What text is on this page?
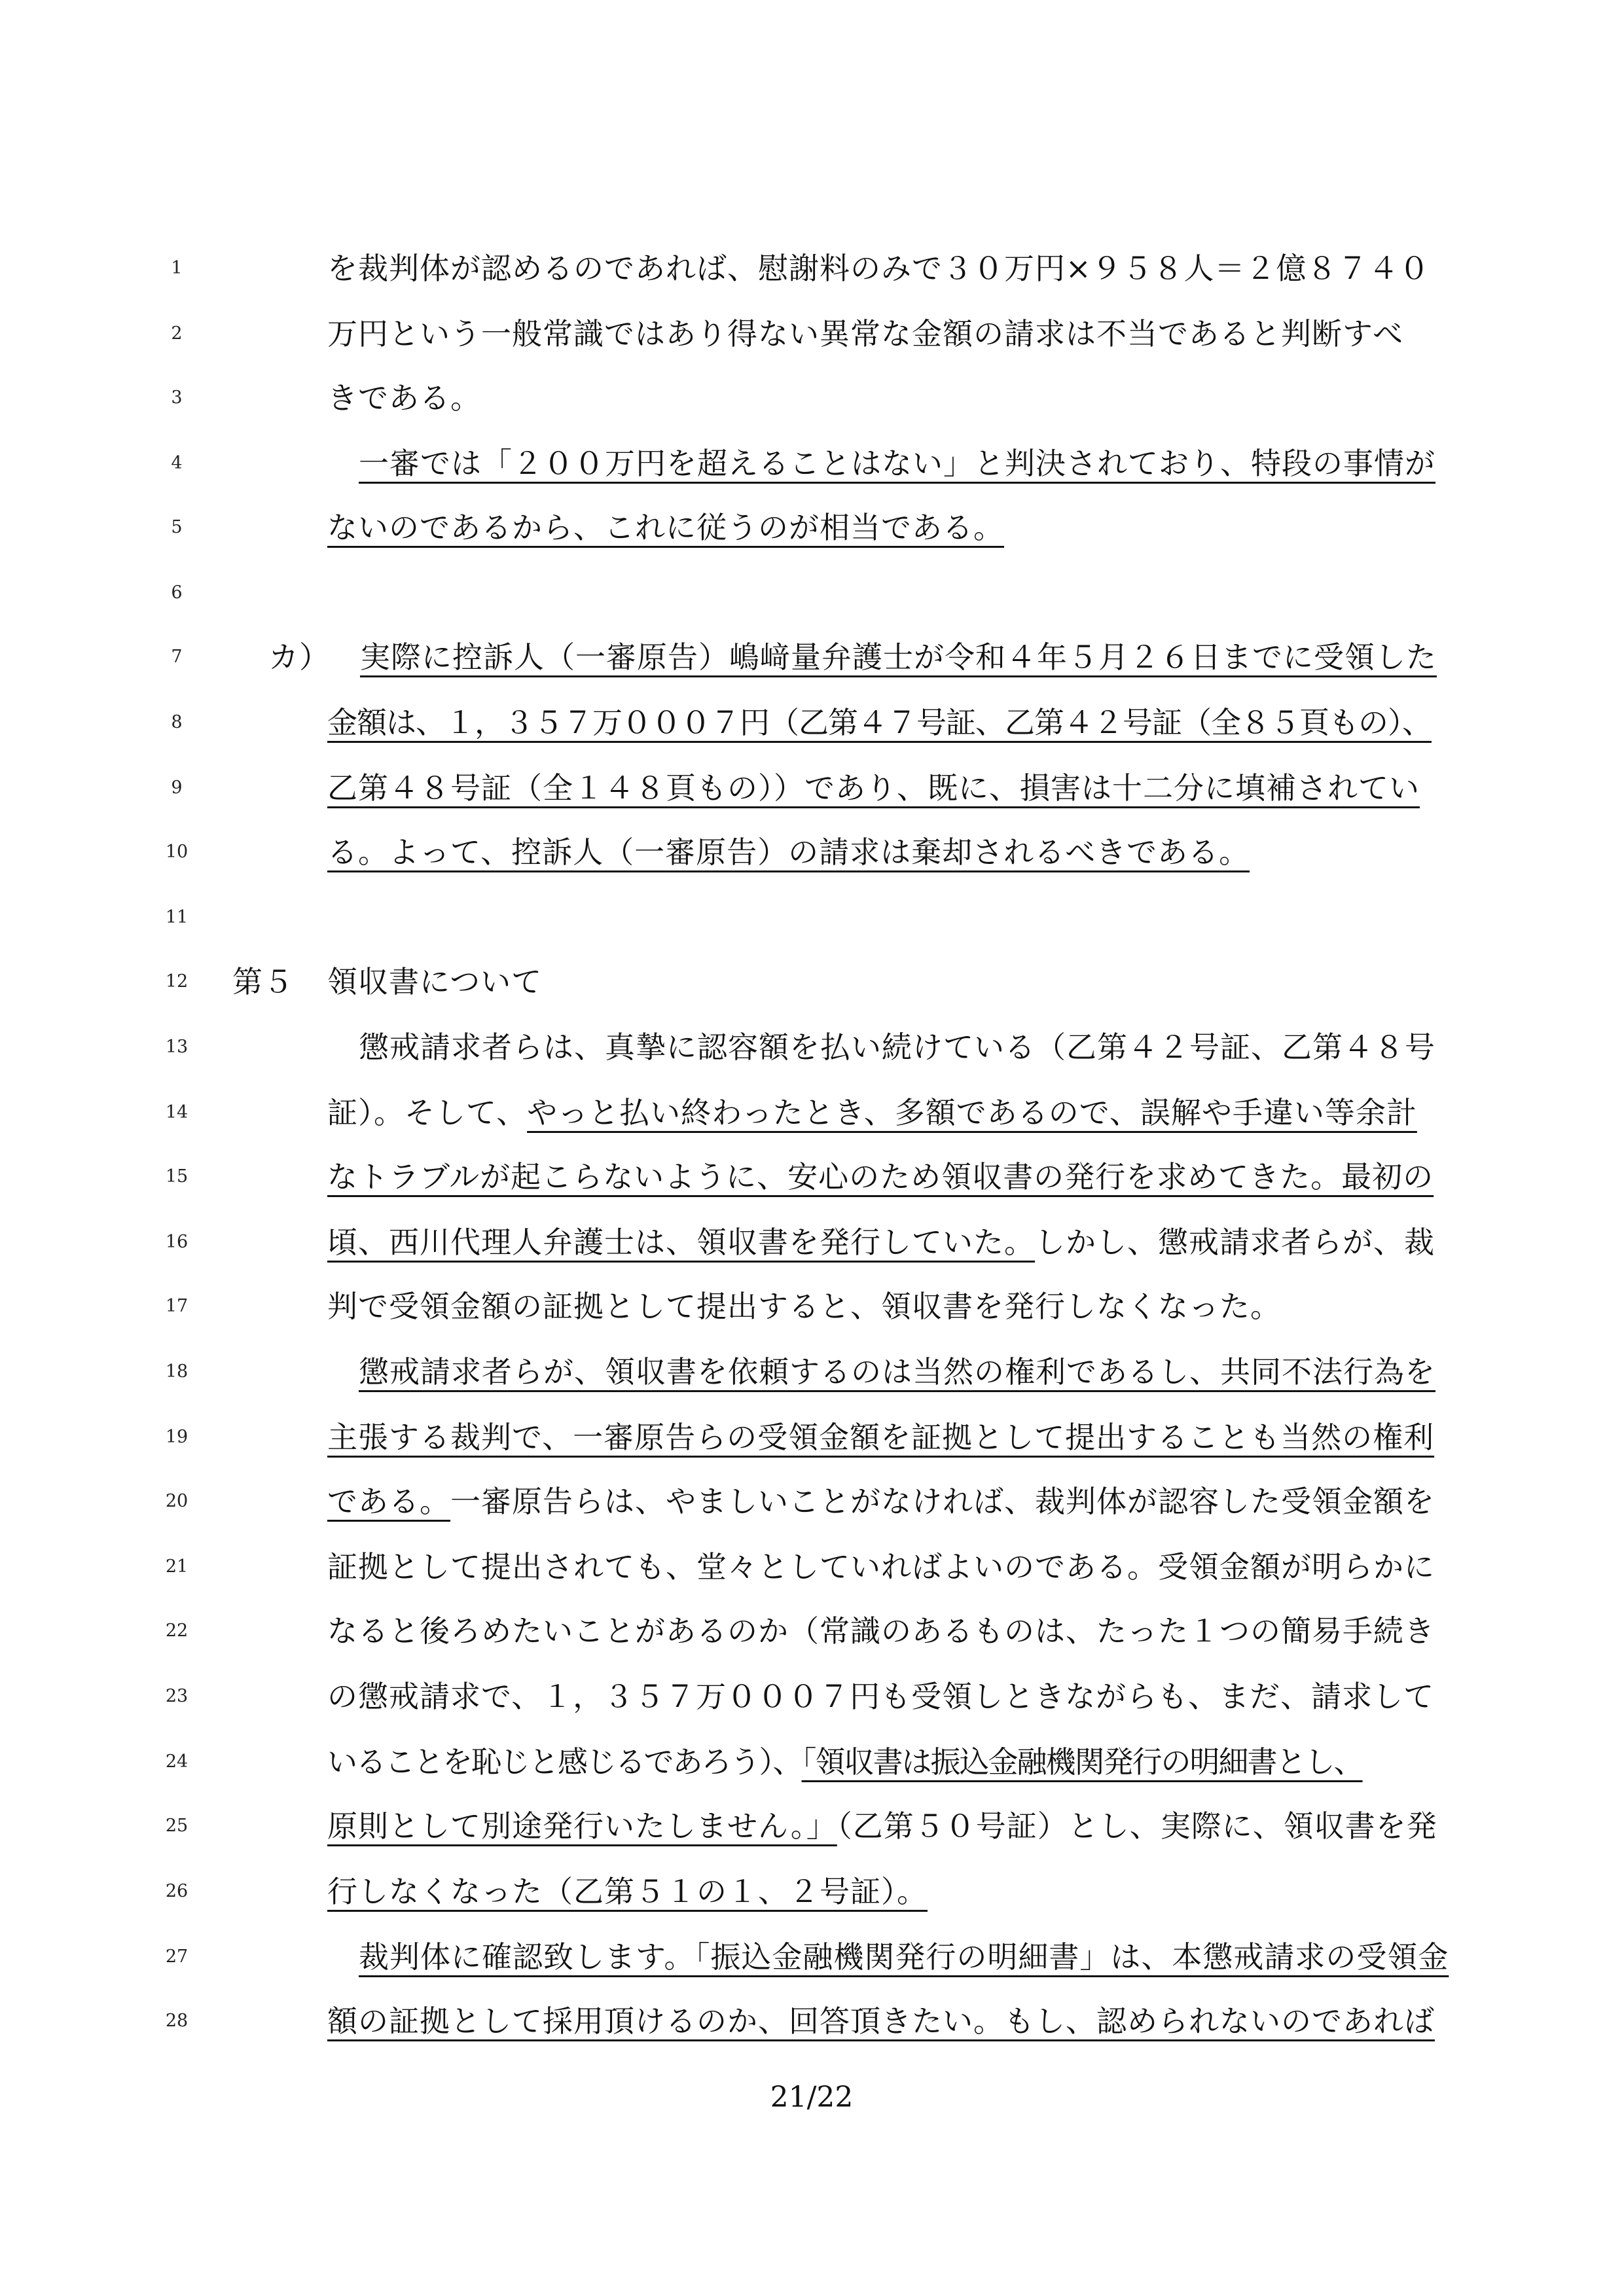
1
2
3
4
5
6
7
8
9
10
11
12
13
14
15
16
17
18
19
20
21
22
23
24
25
26
27
28
を裁判体が認めるのであれば、慰謝料のみで３０万円×９５８人＝２億８７４０
万円という一般常識ではあり得ない異常な金額の請求は不当であると判断すべ
きである。
一審では「２００万円を超えることはない」と判決されており、特段の事情が
ないのであるから、これに従うのが相当である。
カ） 実際に控訴人（一審原告）嶋﨑量弁護士が令和４年５月２６日までに受領した
金額は、１，３５７万０００７円（乙第４７号証、乙第４２号証（全８５頁もの）、
乙第４８号証（全１４８頁もの））であり、既に、損害は十二分に填補されてい
る。よって、控訴人（一審原告）の請求は棄却されるべきである。
第５ 領収書について
懲戒請求者らは、真摯に認容額を払い続けている（乙第４２号証、乙第４８号
証）。そして、やっと払い終わったとき、多額であるので、誤解や手違い等余計
なトラブルが起こらないように、安心のため領収書の発行を求めてきた。最初の
頃、西川代理人弁護士は、領収書を発行していた。しかし、懲戒請求者らが、裁
判で受領金額の証拠として提出すると、領収書を発行しなくなった。
懲戒請求者らが、領収書を依頼するのは当然の権利であるし、共同不法行為を
主張する裁判で、一審原告らの受領金額を証拠として提出することも当然の権利
である。一審原告らは、やましいことがなければ、裁判体が認容した受領金額を
証拠として提出されても、堂々としていればよいのである。受領金額が明らかに
なると後ろめたいことがあるのか（常識のあるものは、たった１つの簡易手続き
の懲戒請求で、１，３５７万０００７円も受領しときながらも、まだ、請求して
いることを恥じと感じるであろう）、「領収書は振込金融機関発行の明細書とし、
原則として別途発行いたしません。」（乙第５０号証）とし、実際に、領収書を発
行しなくなった（乙第５１の１、２号証）。
裁判体に確認致します。「振込金融機関発行の明細書」は、本懲戒請求の受領金
額の証拠として採用頂けるのか、回答頂きたい。もし、認められないのであれば
21/22
